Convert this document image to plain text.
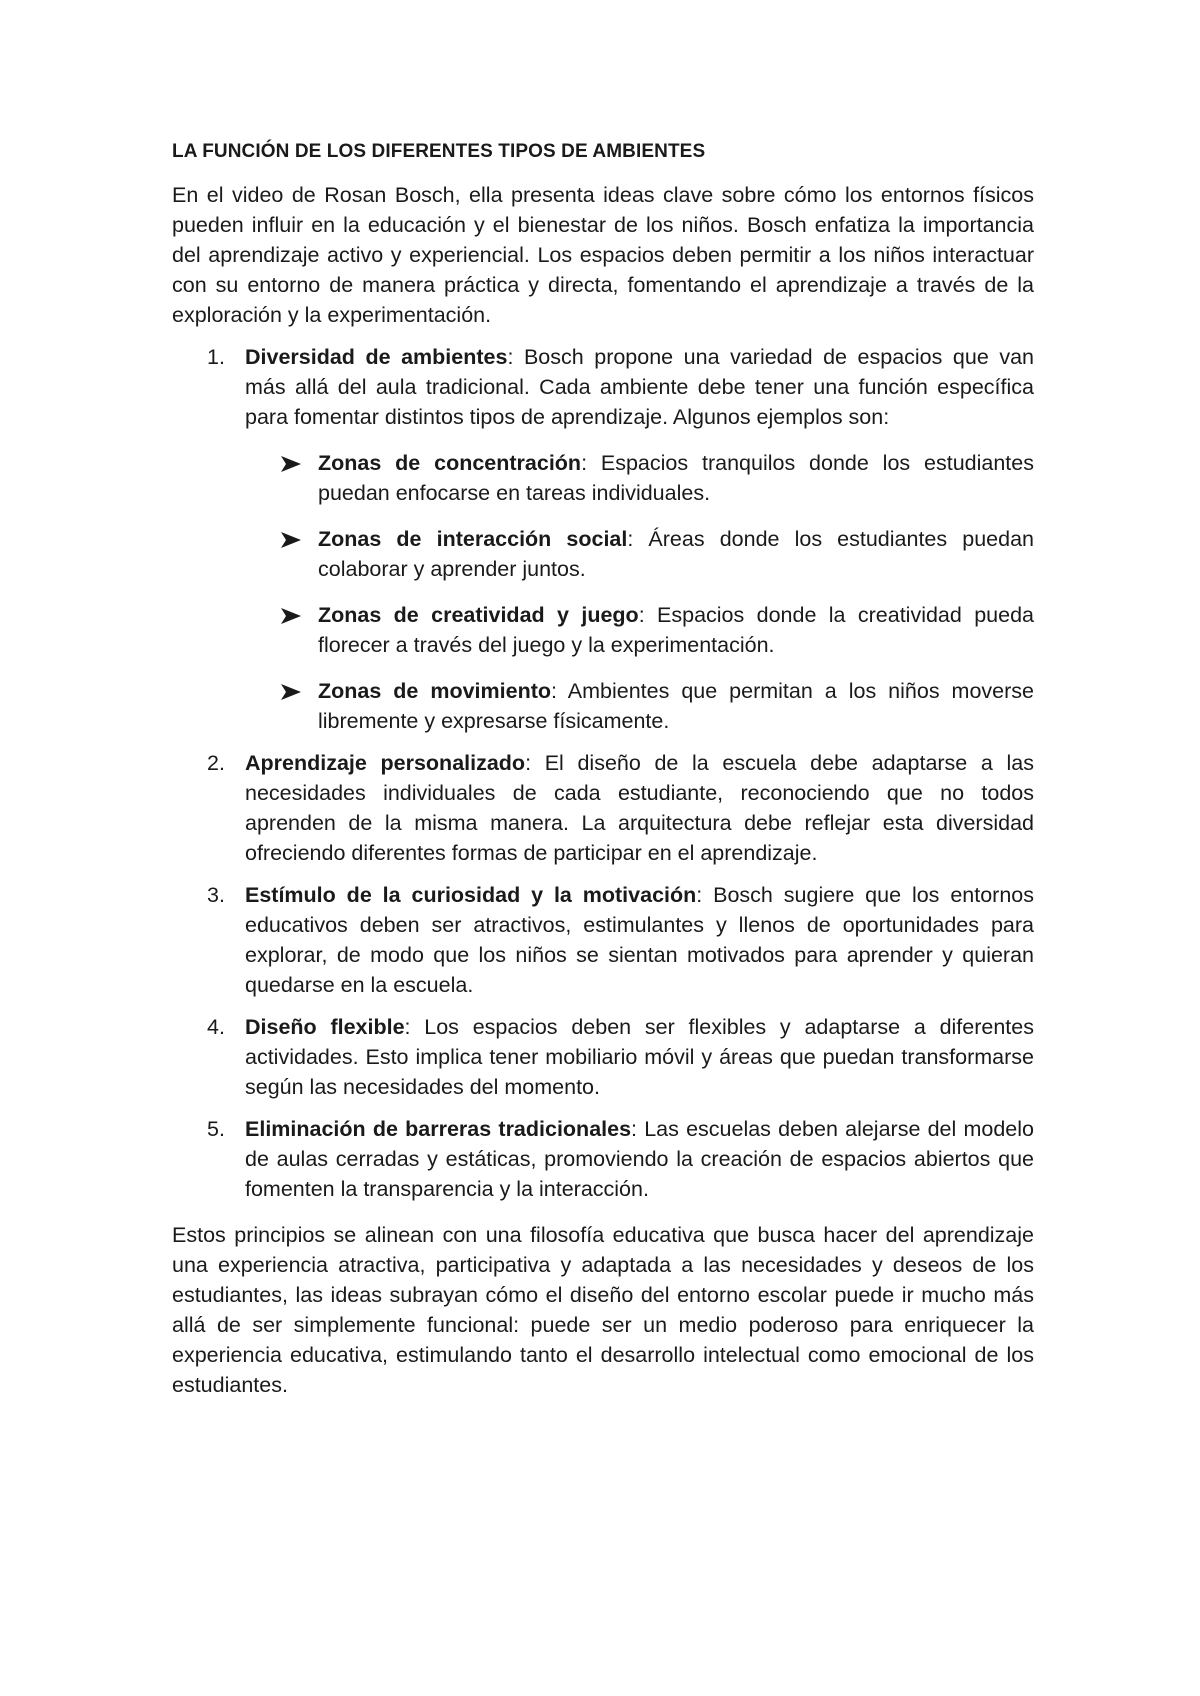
LA FUNCIÓN DE LOS DIFERENTES TIPOS DE AMBIENTES

En el video de Rosan Bosch, ella presenta ideas clave sobre cómo los entornos físicos pueden influir en la educación y el bienestar de los niños. Bosch enfatiza la importancia del aprendizaje activo y experiencial. Los espacios deben permitir a los niños interactuar con su entorno de manera práctica y directa, fomentando el aprendizaje a través de la exploración y la experimentación.

1. Diversidad de ambientes: Bosch propone una variedad de espacios que van más allá del aula tradicional. Cada ambiente debe tener una función específica para fomentar distintos tipos de aprendizaje. Algunos ejemplos son:
Zonas de concentración: Espacios tranquilos donde los estudiantes puedan enfocarse en tareas individuales.
Zonas de interacción social: Áreas donde los estudiantes puedan colaborar y aprender juntos.
Zonas de creatividad y juego: Espacios donde la creatividad pueda florecer a través del juego y la experimentación.
Zonas de movimiento: Ambientes que permitan a los niños moverse libremente y expresarse físicamente.
2. Aprendizaje personalizado: El diseño de la escuela debe adaptarse a las necesidades individuales de cada estudiante, reconociendo que no todos aprenden de la misma manera. La arquitectura debe reflejar esta diversidad ofreciendo diferentes formas de participar en el aprendizaje.
3. Estímulo de la curiosidad y la motivación: Bosch sugiere que los entornos educativos deben ser atractivos, estimulantes y llenos de oportunidades para explorar, de modo que los niños se sientan motivados para aprender y quieran quedarse en la escuela.
4. Diseño flexible: Los espacios deben ser flexibles y adaptarse a diferentes actividades. Esto implica tener mobiliario móvil y áreas que puedan transformarse según las necesidades del momento.
5. Eliminación de barreras tradicionales: Las escuelas deben alejarse del modelo de aulas cerradas y estáticas, promoviendo la creación de espacios abiertos que fomenten la transparencia y la interacción.

Estos principios se alinean con una filosofía educativa que busca hacer del aprendizaje una experiencia atractiva, participativa y adaptada a las necesidades y deseos de los estudiantes, las ideas subrayan cómo el diseño del entorno escolar puede ir mucho más allá de ser simplemente funcional: puede ser un medio poderoso para enriquecer la experiencia educativa, estimulando tanto el desarrollo intelectual como emocional de los estudiantes.
